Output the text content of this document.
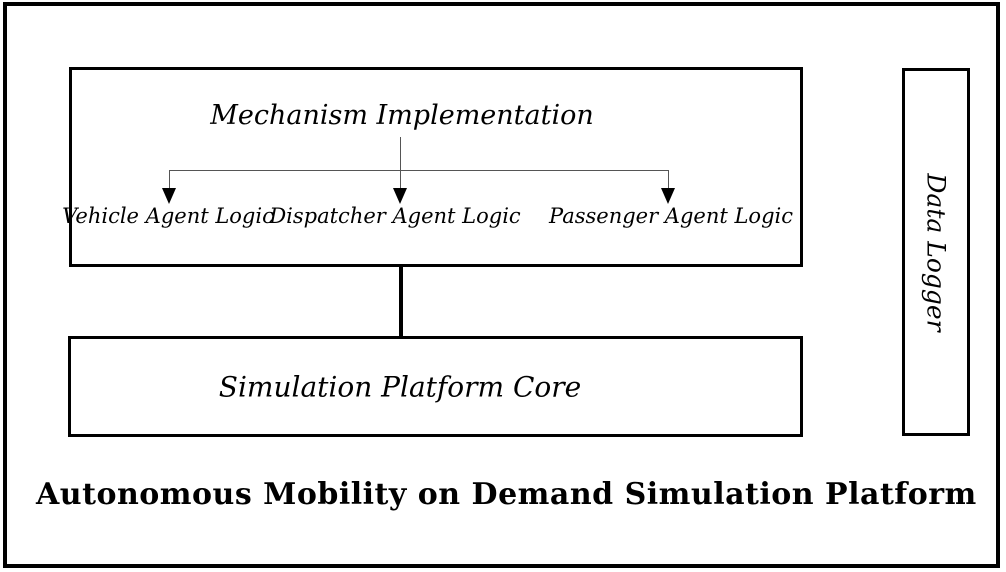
Mechanism Implementation
Vehicle Agent Logic
Dispatcher Agent Logic Passenger Agent Logic
Simulation Platform Core
Data Logger
Autonomous Mobility on Demand Simulation Platform
